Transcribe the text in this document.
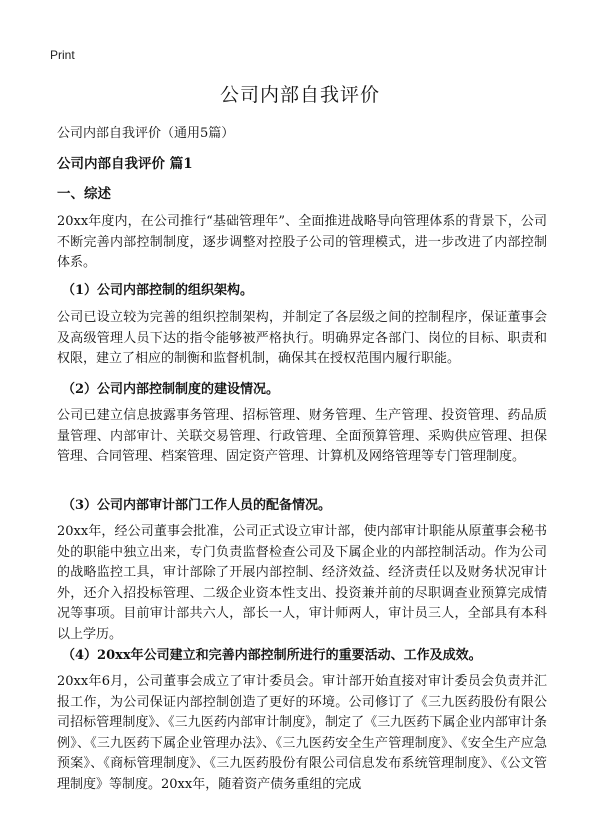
Print
公司内部自我评价
公司内部自我评价（通用5篇）
公司内部自我评价 篇1
一、综述

20xx年度内，在公司推行“基础管理年”、全面推进战略导向管理体系的背景下，公司不断完善内部控制制度，逐步调整对控股子公司的管理模式，进一步改进了内部控制体系。

（1）公司内部控制的组织架构。

公司已设立较为完善的组织控制架构，并制定了各层级之间的控制程序，保证董事会及高级管理人员下达的指令能够被严格执行。明确界定各部门、岗位的目标、职责和权限，建立了相应的制衡和监督机制，确保其在授权范围内履行职能。

（2）公司内部控制制度的建设情况。

公司已建立信息披露事务管理、招标管理、财务管理、生产管理、投资管理、药品质量管理、内部审计、关联交易管理、行政管理、全面预算管理、采购供应管理、担保管理、合同管理、档案管理、固定资产管理、计算机及网络管理等专门管理制度。

（3）公司内部审计部门工作人员的配备情况。

20xx年，经公司董事会批准，公司正式设立审计部，使内部审计职能从原董事会秘书处的职能中独立出来，专门负责监督检查公司及下属企业的内部控制活动。作为公司的战略监控工具，审计部除了开展内部控制、经济效益、经济责任以及财务状况审计外，还介入招投标管理、二级企业资本性支出、投资兼并前的尽职调查业预算完成情况等事项。目前审计部共六人，部长一人，审计师两人，审计员三人，全部具有本科以上学历。

（4）20xx年公司建立和完善内部控制所进行的重要活动、工作及成效。

20xx年6月，公司董事会成立了审计委员会。审计部开始直接对审计委员会负责并汇报工作，为公司保证内部控制创造了更好的环境。公司修订了《三九医药股份有限公司招标管理制度》、《三九医药内部审计制度》，制定了《三九医药下属企业内部审计条例》、《三九医药下属企业管理办法》、《三九医药安全生产管理制度》、《安全生产应急预案》、《商标管理制度》、《三九医药股份有限公司信息发布系统管理制度》、《公文管理制度》等制度。20xx年，随着资产债务重组的完成
